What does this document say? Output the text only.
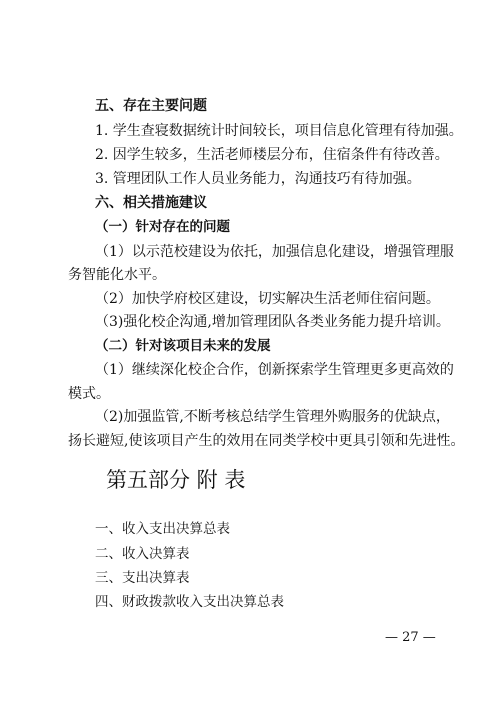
五、存在主要问题
1. 学生查寝数据统计时间较长，项目信息化管理有待加强。
2. 因学生较多，生活老师楼层分布，住宿条件有待改善。
3. 管理团队工作人员业务能力，沟通技巧有待加强。
六、相关措施建议
（一）针对存在的问题
（1）以示范校建设为依托，加强信息化建设，增强管理服
务智能化水平。
（2）加快学府校区建设，切实解决生活老师住宿问题。
（3)强化校企沟通,增加管理团队各类业务能力提升培训。
（二）针对该项目未来的发展
（1）继续深化校企合作，创新探索学生管理更多更高效的
模式。
（2)加强监管,不断考核总结学生管理外购服务的优缺点，
扬长避短,使该项目产生的效用在同类学校中更具引领和先进性。
第五部分 附 表
一、收入支出决算总表
二、收入决算表
三、支出决算表
四、财政拨款收入支出决算总表
— 27 —
